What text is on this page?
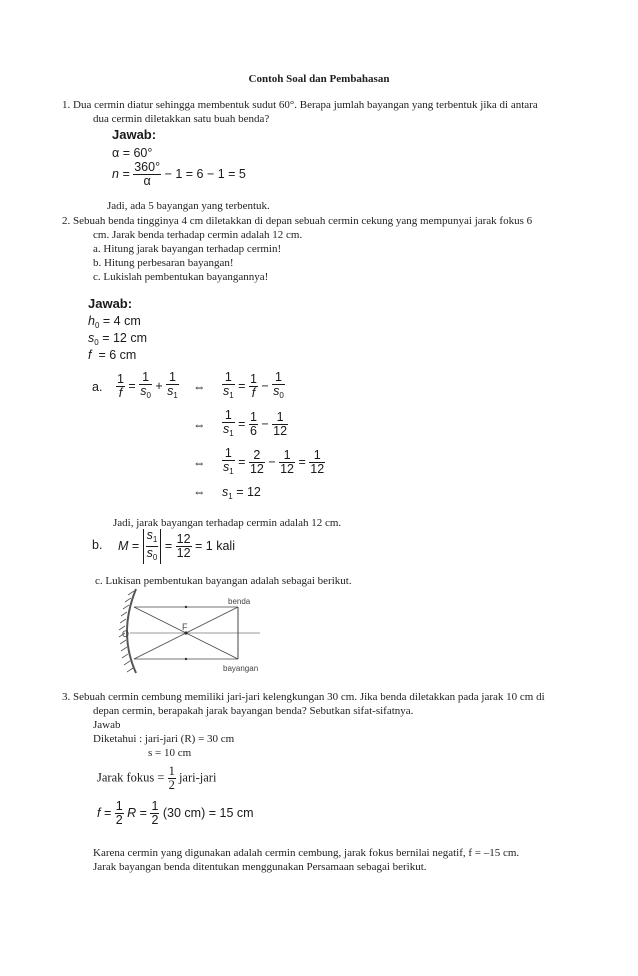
Contoh Soal dan Pembahasan
1. Dua cermin diatur sehingga membentuk sudut 60°. Berapa jumlah bayangan yang terbentuk jika di antara
dua cermin diletakkan satu buah benda?
Jawab:
α = 60°
$n = \frac{360^\circ}{\alpha} - 1 = 6 - 1 = 5$
Jadi, ada 5 bayangan yang terbentuk.
2. Sebuah benda tingginya 4 cm diletakkan di depan sebuah cermin cekung yang mempunyai jarak fokus 6
cm. Jarak benda terhadap cermin adalah 12 cm.
a. Hitung jarak bayangan terhadap cermin!
b. Hitung perbesaran bayangan!
c. Lukislah pembentukan bayangannya!
Jawab:
$h_0 = 4$ cm
$s_0 = 12$ cm
f = 6 cm
a. $\frac{1}{f} = \frac{1}{s_0} + \frac{1}{s_1}$ ⇔ $\frac{1}{s_1} = \frac{1}{f} - \frac{1}{s_0}$
⇔ $\frac{1}{s_1} = \frac{1}{6} - \frac{1}{12}$
⇔ $\frac{1}{s_1} = \frac{2}{12} - \frac{1}{12} = \frac{1}{12}$
⇔ $s_1 = 12$
Jadi, jarak bayangan terhadap cermin adalah 12 cm.
b. $M = \frac{s_1}{s_0} = \frac{12}{12} = 1$ kali
c. Lukisan pembentukan bayangan adalah sebagai berikut.
O
F
benda
bayangan
3. Sebuah cermin cembung memiliki jari-jari kelengkungan 30 cm. Jika benda diletakkan pada jarak 10 cm di
depan cermin, berapakah jarak bayangan benda? Sebutkan sifat-sifatnya.
Jawab
Diketahui : jari-jari (R) = 30 cm
s = 10 cm
Jarak fokus = $\frac{1}{2}$ jari-jari
$f = \frac{1}{2}$ $R = \frac{1}{2} (30$ cm) = 15 cm
Karena cermin yang digunakan adalah cermin cembung, jarak fokus bernilai negatif, f = –15 cm.
Jarak bayangan benda ditentukan menggunakan Persamaan sebagai berikut.
